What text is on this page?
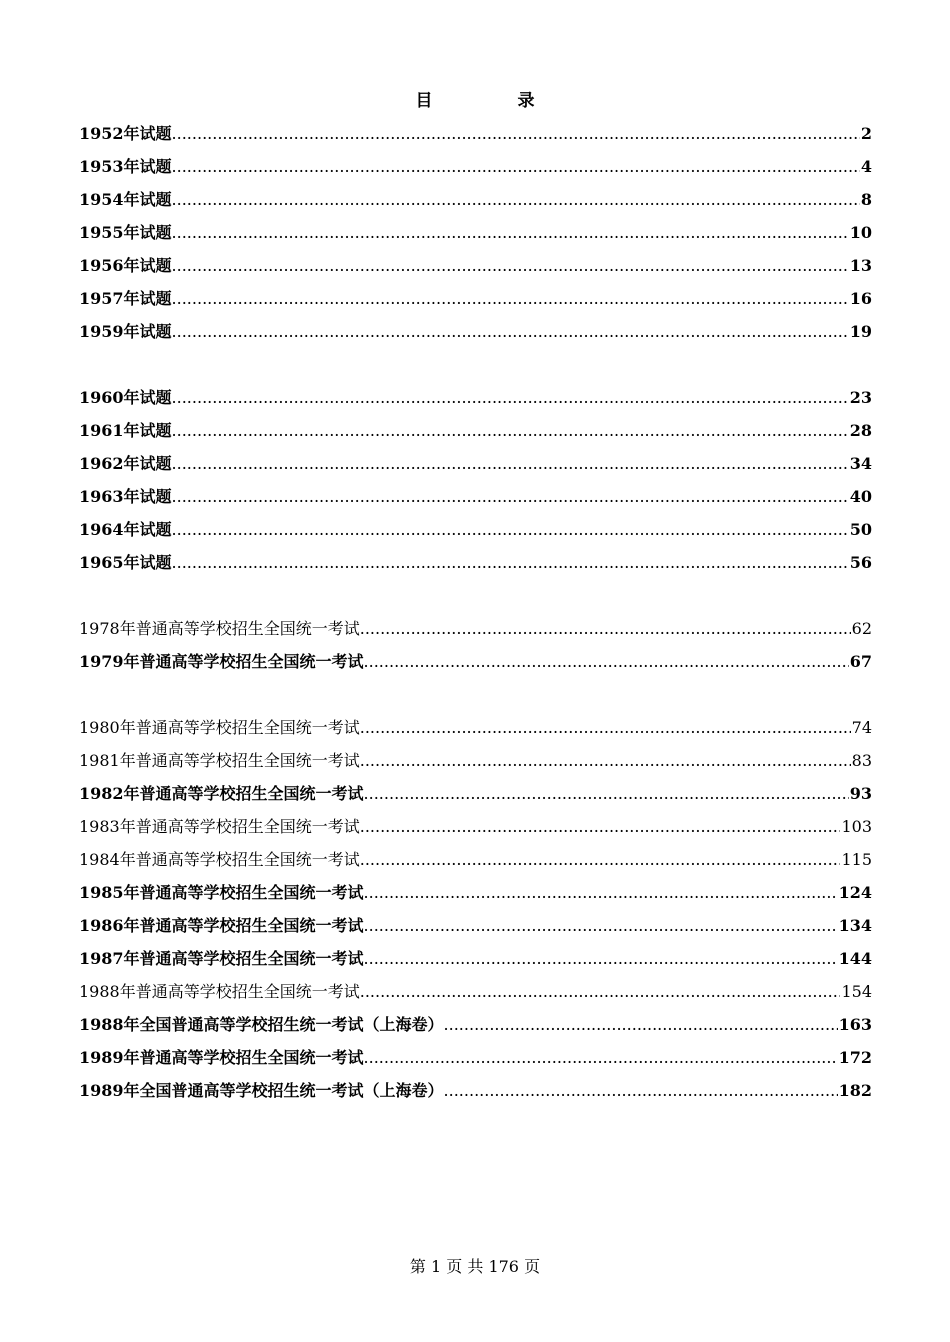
目　录
1952年试题 .....	2
1953年试题 .....	4
1954年试题 .....	8
1955年试题 .....	10
1956年试题 .....	13
1957年试题 .....	16
1959年试题 .....	19
1960年试题 .....	23
1961年试题 .....	28
1962年试题 .....	34
1963年试题 .....	40
1964年试题 .....	50
1965年试题 .....	56
1978年普通高等学校招生全国统一考试 .....	62
1979年普通高等学校招生全国统一考试 .....	67
1980年普通高等学校招生全国统一考试 .....	74
1981年普通高等学校招生全国统一考试 .....	83
1982年普通高等学校招生全国统一考试 .....	93
1983年普通高等学校招生全国统一考试 .....	103
1984年普通高等学校招生全国统一考试 .....	115
1985年普通高等学校招生全国统一考试 .....	124
1986年普通高等学校招生全国统一考试 .....	134
1987年普通高等学校招生全国统一考试 .....	144
1988年普通高等学校招生全国统一考试 .....	154
1988年全国普通高等学校招生统一考试（上海卷） .....	163
1989年普通高等学校招生全国统一考试 .....	172
1989年全国普通高等学校招生统一考试（上海卷） .....	182
第 1 页 共 176 页
